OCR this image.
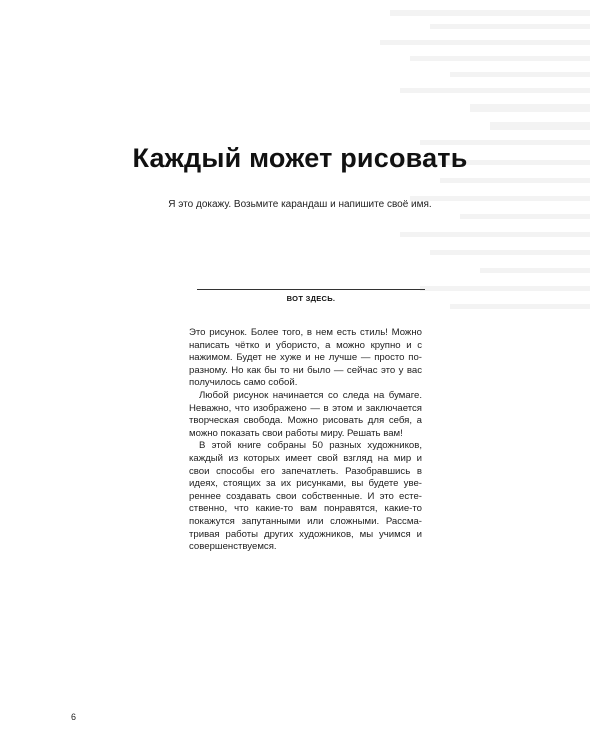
Каждый может рисовать

Я это докажу. Возьмите карандаш и напишите своё имя.

ВОТ ЗДЕСЬ.

Это рисунок. Более того, в нем есть стиль! Можно написать чётко и убористо, а можно крупно и с нажимом. Будет не хуже и не лучше — просто по-разному. Но как бы то ни было — сейчас это у вас получилось само собой.

Любой рисунок начинается со следа на бумаге. Неважно, что изображено — в этом и заключается творческая свобода. Можно рисовать для себя, а можно показать свои работы миру. Решать вам!

В этой книге собраны 50 разных художников, каждый из которых имеет свой взгляд на мир и свои способы его запечатлеть. Разобравшись в идеях, стоящих за их рисунками, вы будете увереннее создавать свои собственные. И это естественно, что какие-то вам понравятся, какие-то покажутся запутанными или сложными. Рассматривая работы других художников, мы учимся и совершенствуемся.

6
